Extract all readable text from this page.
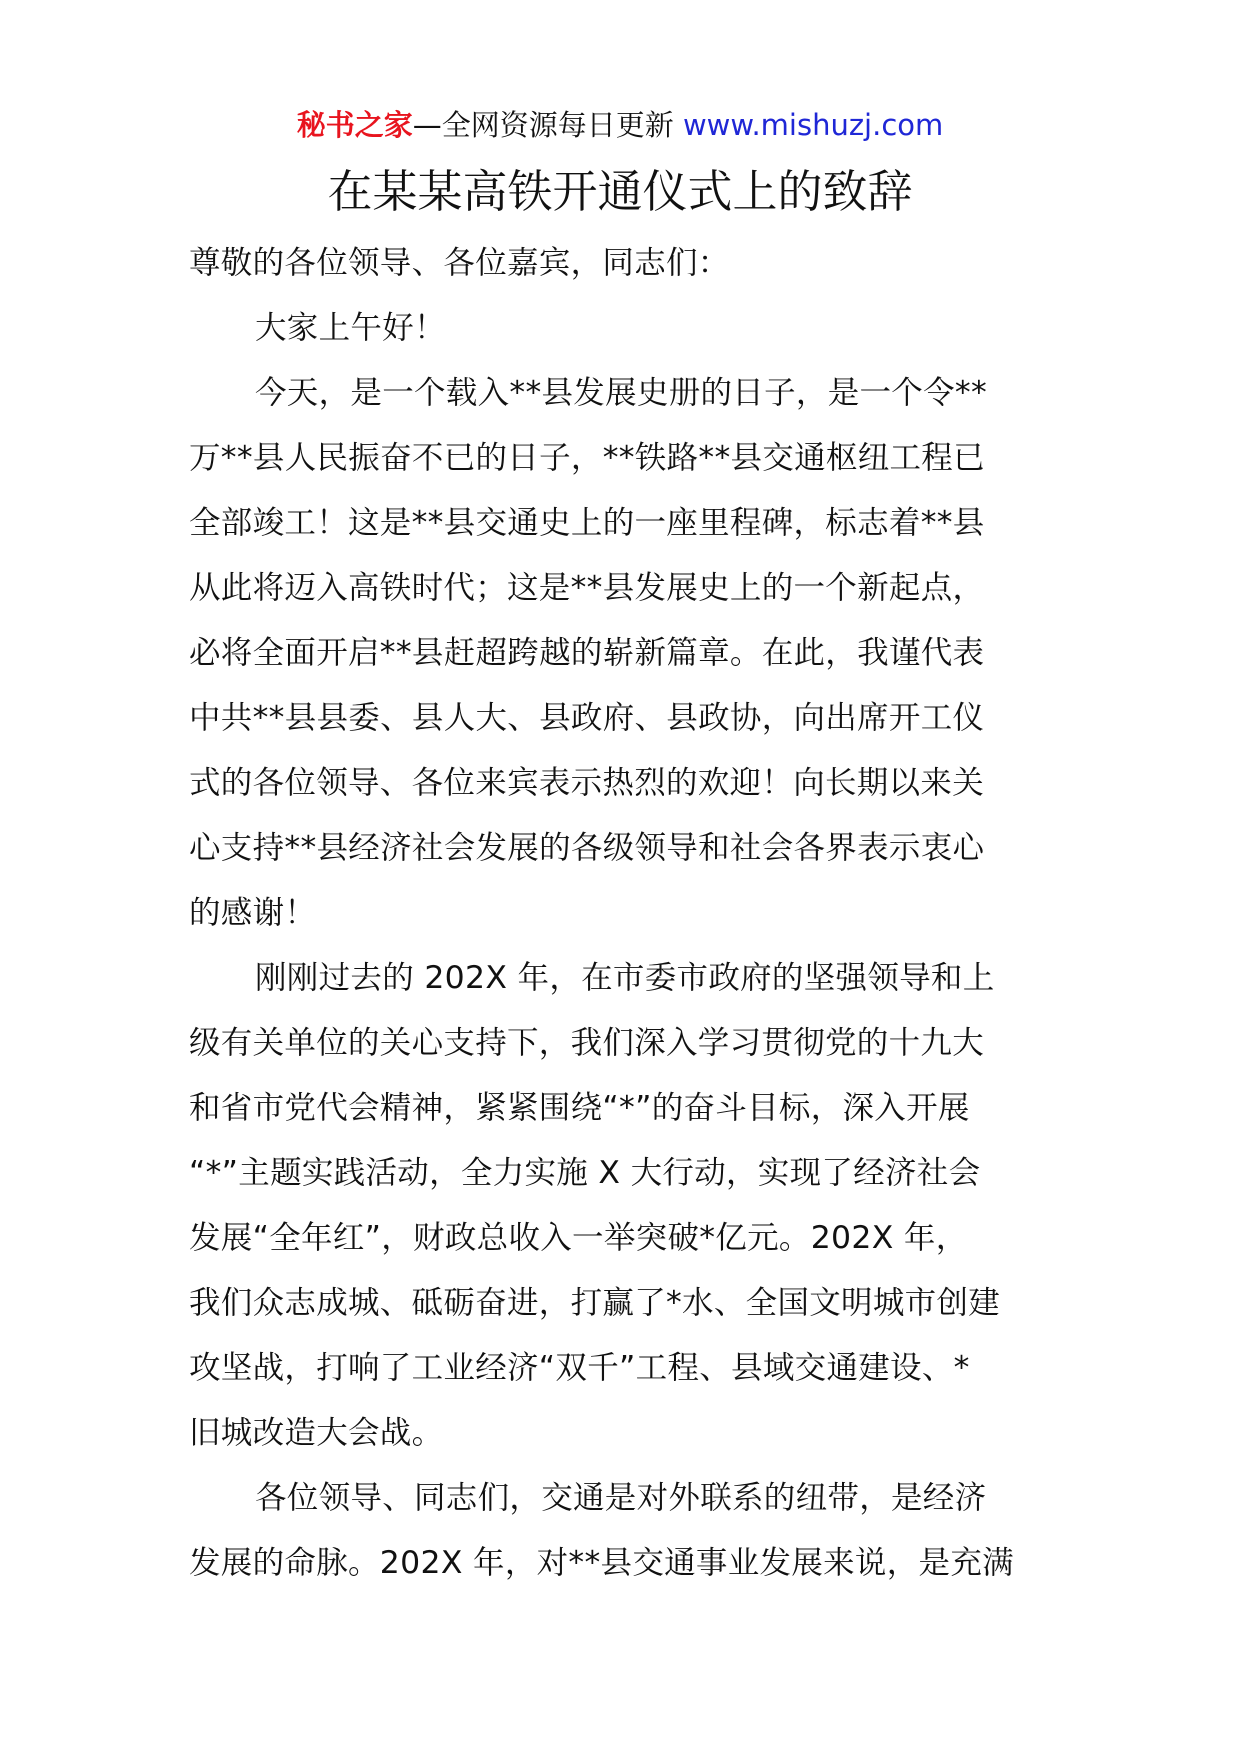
秘书之家—全网资源每日更新 www.mishuzj.com
在某某高铁开通仪式上的致辞
尊敬的各位领导、各位嘉宾，同志们：
大家上午好！
今天，是一个载入**县发展史册的日子，是一个令**
万**县人民振奋不已的日子，**铁路**县交通枢纽工程已
全部竣工！这是**县交通史上的一座里程碑，标志着**县
从此将迈入高铁时代；这是**县发展史上的一个新起点，
必将全面开启**县赶超跨越的崭新篇章。在此，我谨代表
中共**县县委、县人大、县政府、县政协，向出席开工仪
式的各位领导、各位来宾表示热烈的欢迎！向长期以来关
心支持**县经济社会发展的各级领导和社会各界表示衷心
的感谢！
刚刚过去的 202X 年，在市委市政府的坚强领导和上
级有关单位的关心支持下，我们深入学习贯彻党的十九大
和省市党代会精神，紧紧围绕“*”的奋斗目标，深入开展
“*”主题实践活动，全力实施 X 大行动，实现了经济社会
发展“全年红”，财政总收入一举突破*亿元。202X 年，
我们众志成城、砥砺奋进，打赢了*水、全国文明城市创建
攻坚战，打响了工业经济“双千”工程、县域交通建设、*
旧城改造大会战。
各位领导、同志们，交通是对外联系的纽带，是经济
发展的命脉。202X 年，对**县交通事业发展来说，是充满
